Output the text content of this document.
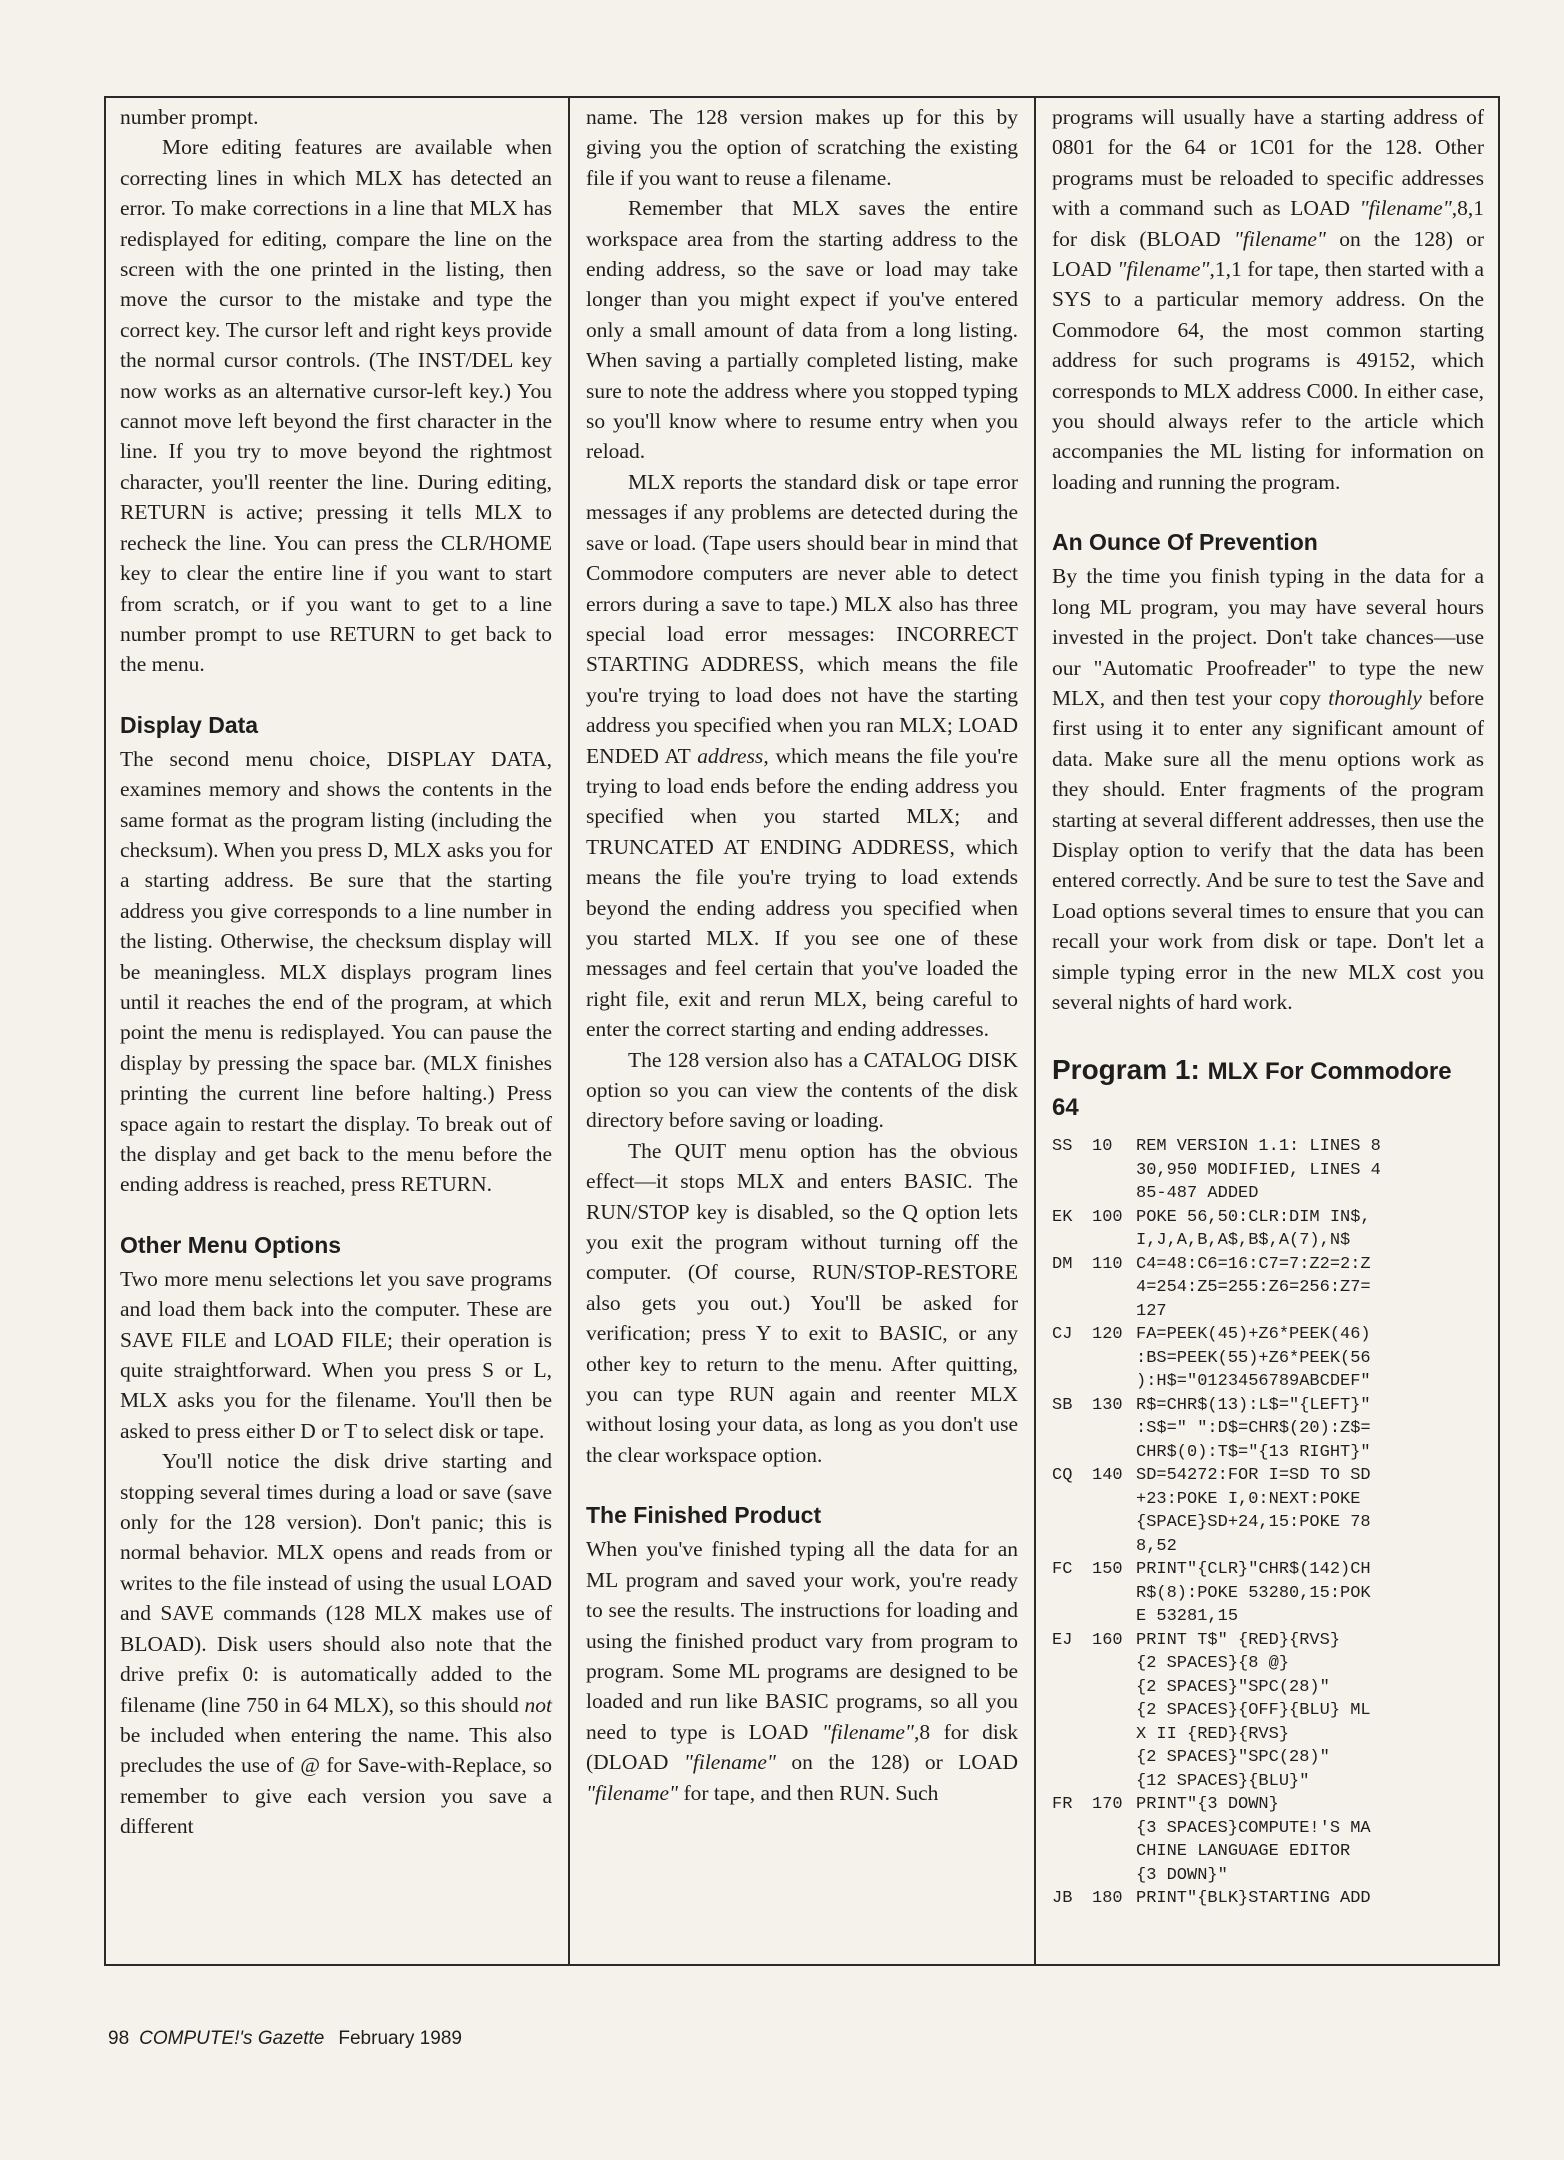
number prompt.

More editing features are available when correcting lines in which MLX has detected an error. To make corrections in a line that MLX has redisplayed for editing, compare the line on the screen with the one printed in the listing, then move the cursor to the mistake and type the correct key. The cursor left and right keys provide the normal cursor controls. (The INST/DEL key now works as an alternative cursor-left key.) You cannot move left beyond the first character in the line. If you try to move beyond the rightmost character, you'll reenter the line. During editing, RETURN is active; pressing it tells MLX to recheck the line. You can press the CLR/HOME key to clear the entire line if you want to start from scratch, or if you want to get to a line number prompt to use RETURN to get back to the menu.

Display Data

The second menu choice, DISPLAY DATA, examines memory and shows the contents in the same format as the program listing (including the checksum). When you press D, MLX asks you for a starting address. Be sure that the starting address you give corresponds to a line number in the listing. Otherwise, the checksum display will be meaningless. MLX displays program lines until it reaches the end of the program, at which point the menu is redisplayed. You can pause the display by pressing the space bar. (MLX finishes printing the current line before halting.) Press space again to restart the display. To break out of the display and get back to the menu before the ending address is reached, press RETURN.

Other Menu Options

Two more menu selections let you save programs and load them back into the computer. These are SAVE FILE and LOAD FILE; their operation is quite straightforward. When you press S or L, MLX asks you for the filename. You'll then be asked to press either D or T to select disk or tape.

You'll notice the disk drive starting and stopping several times during a load or save (save only for the 128 version). Don't panic; this is normal behavior. MLX opens and reads from or writes to the file instead of using the usual LOAD and SAVE commands (128 MLX makes use of BLOAD). Disk users should also note that the drive prefix 0: is automatically added to the filename (line 750 in 64 MLX), so this should not be included when entering the name. This also precludes the use of @ for Save-with-Replace, so remember to give each version you save a different

name. The 128 version makes up for this by giving you the option of scratching the existing file if you want to reuse a filename.

Remember that MLX saves the entire workspace area from the starting address to the ending address, so the save or load may take longer than you might expect if you've entered only a small amount of data from a long listing. When saving a partially completed listing, make sure to note the address where you stopped typing so you'll know where to resume entry when you reload.

MLX reports the standard disk or tape error messages if any problems are detected during the save or load. (Tape users should bear in mind that Commodore computers are never able to detect errors during a save to tape.) MLX also has three special load error messages: INCORRECT STARTING ADDRESS, which means the file you're trying to load does not have the starting address you specified when you ran MLX; LOAD ENDED AT address, which means the file you're trying to load ends before the ending address you specified when you started MLX; and TRUNCATED AT ENDING ADDRESS, which means the file you're trying to load extends beyond the ending address you specified when you started MLX. If you see one of these messages and feel certain that you've loaded the right file, exit and rerun MLX, being careful to enter the correct starting and ending addresses.

The 128 version also has a CATALOG DISK option so you can view the contents of the disk directory before saving or loading.

The QUIT menu option has the obvious effect—it stops MLX and enters BASIC. The RUN/STOP key is disabled, so the Q option lets you exit the program without turning off the computer. (Of course, RUN/STOP-RESTORE also gets you out.) You'll be asked for verification; press Y to exit to BASIC, or any other key to return to the menu. After quitting, you can type RUN again and reenter MLX without losing your data, as long as you don't use the clear workspace option.

The Finished Product

When you've finished typing all the data for an ML program and saved your work, you're ready to see the results. The instructions for loading and using the finished product vary from program to program. Some ML programs are designed to be loaded and run like BASIC programs, so all you need to type is LOAD "filename",8 for disk (DLOAD "filename" on the 128) or LOAD "filename" for tape, and then RUN. Such

programs will usually have a starting address of 0801 for the 64 or 1C01 for the 128. Other programs must be reloaded to specific addresses with a command such as LOAD "filename",8,1 for disk (BLOAD "filename" on the 128) or LOAD "filename",1,1 for tape, then started with a SYS to a particular memory address. On the Commodore 64, the most common starting address for such programs is 49152, which corresponds to MLX address C000. In either case, you should always refer to the article which accompanies the ML listing for information on loading and running the program.

An Ounce Of Prevention

By the time you finish typing in the data for a long ML program, you may have several hours invested in the project. Don't take chances—use our "Automatic Proofreader" to type the new MLX, and then test your copy thoroughly before first using it to enter any significant amount of data. Make sure all the menu options work as they should. Enter fragments of the program starting at several different addresses, then use the Display option to verify that the data has been entered correctly. And be sure to test the Save and Load options several times to ensure that you can recall your work from disk or tape. Don't let a simple typing error in the new MLX cost you several nights of hard work.

Program 1: MLX For Commodore 64
SS	10	REM VERSION 1.1: LINES 8
30,950 MODIFIED, LINES 4
85-487 ADDED
EK	100 POKE 56,50:CLR:DIM IN$,
I,J,A,B,A$,B$,A(7),N$
DM	110 C4=48:C6=16:C7=7:Z2=2:Z
4=254:Z5=255:Z6=256:Z7=
127
CJ	120 FA=PEEK(45)+Z6*PEEK(46)
:BS=PEEK(55)+Z6*PEEK(56
):H$="0123456789ABCDEF"
SB	130 R$=CHR$(13):L$="{LEFT}"
:S$=" ":D$=CHR$(20):Z$=
CHR$(0):T$="{13 RIGHT}"
CQ	140 SD=54272:FOR I=SD TO SD
+23:POKE I,0:NEXT:POKE
{SPACE}SD+24,15:POKE 78
8,52
FC	150 PRINT"{CLR}"CHR$(142)CH
R$(8):POKE 53280,15:POK
E 53281,15
EJ	160 PRINT T$" {RED}{RVS}
{2 SPACES}{8 @}
{2 SPACES}"SPC(28)"
{2 SPACES}{OFF}{BLU} ML
X II {RED}{RVS}
{2 SPACES}"SPC(28)"
{12 SPACES}{BLU}"
FR	170 PRINT"{3 DOWN}
{3 SPACES}COMPUTE!'S MA
CHINE LANGUAGE EDITOR
{3 DOWN}"
JB	180 PRINT"{BLK}STARTING ADD
98 COMPUTE!'s Gazette February 1989
